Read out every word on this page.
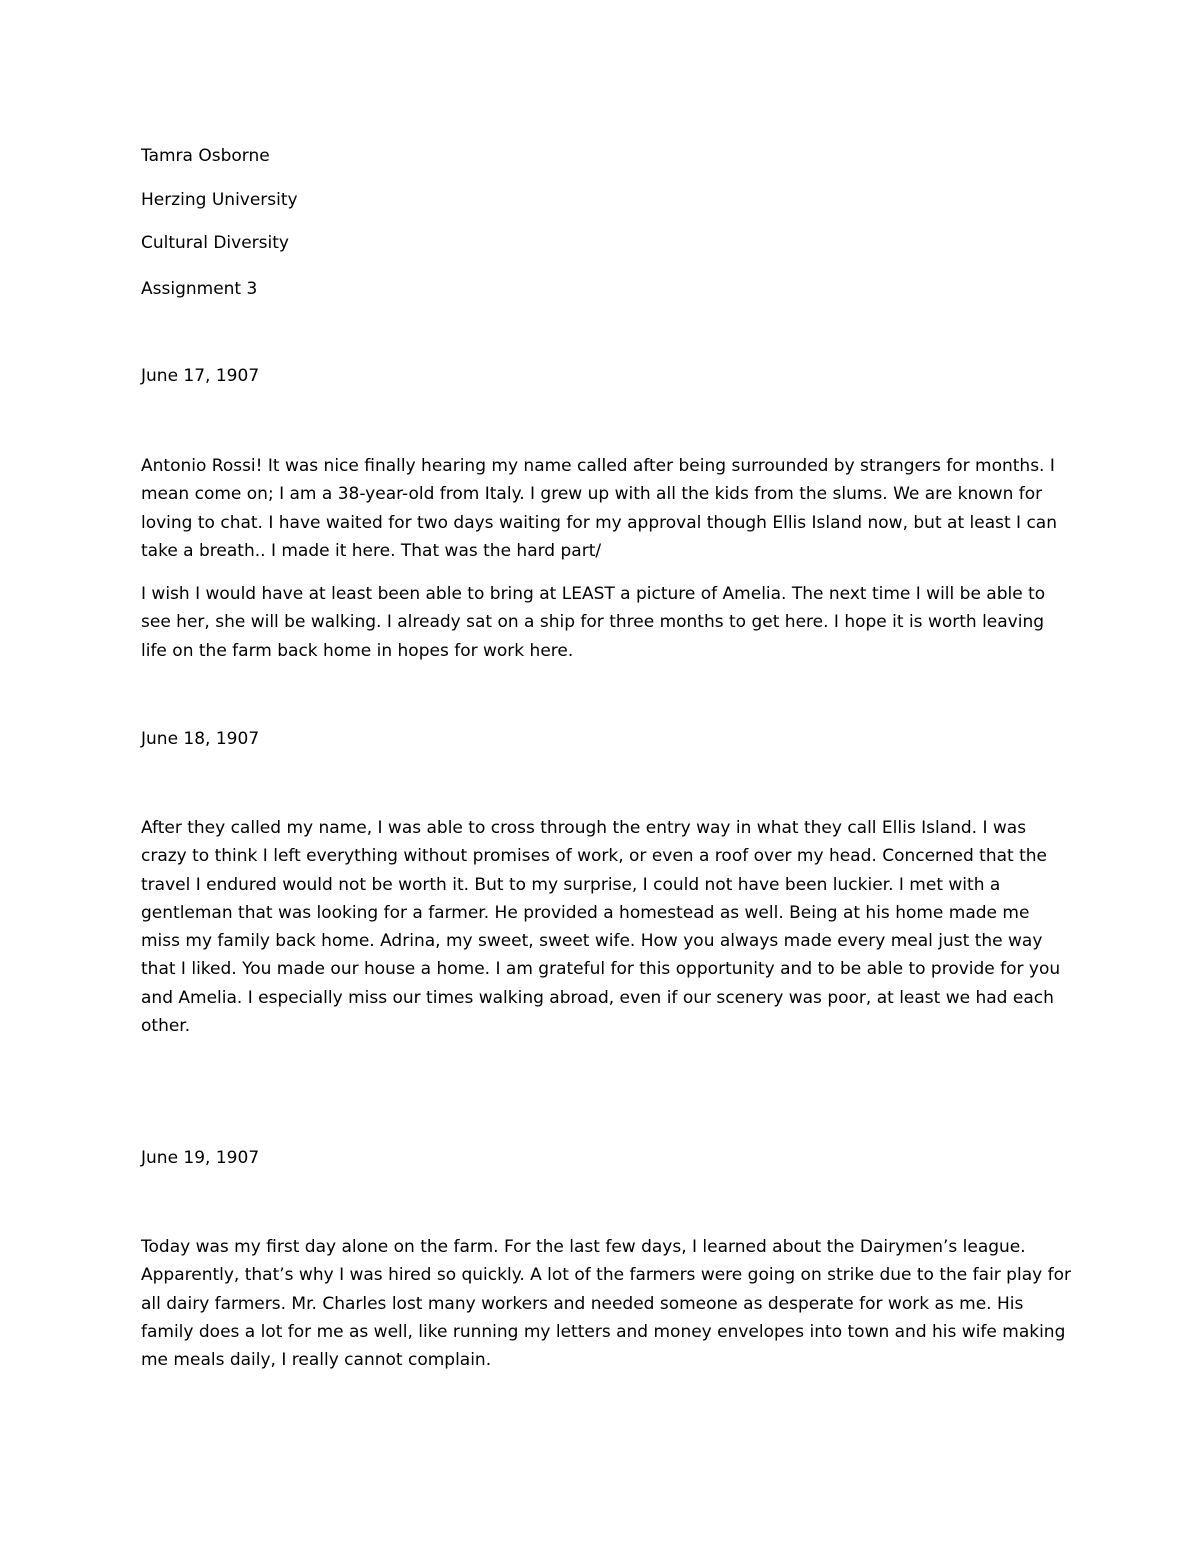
Tamra Osborne

Herzing University

Cultural Diversity

Assignment 3

June 17, 1907

Antonio Rossi! It was nice finally hearing my name called after being surrounded by strangers for months. I mean come on; I am a 38-year-old from Italy. I grew up with all the kids from the slums. We are known for loving to chat. I have waited for two days waiting for my approval though Ellis Island now, but at least I can take a breath.. I made it here. That was the hard part/

I wish I would have at least been able to bring at LEAST a picture of Amelia. The next time I will be able to see her, she will be walking. I already sat on a ship for three months to get here. I hope it is worth leaving life on the farm back home in hopes for work here.

June 18, 1907

After they called my name, I was able to cross through the entry way in what they call Ellis Island. I was crazy to think I left everything without promises of work, or even a roof over my head. Concerned that the travel I endured would not be worth it. But to my surprise, I could not have been luckier. I met with a gentleman that was looking for a farmer. He provided a homestead as well. Being at his home made me miss my family back home. Adrina, my sweet, sweet wife. How you always made every meal just the way that I liked. You made our house a home. I am grateful for this opportunity and to be able to provide for you and Amelia. I especially miss our times walking abroad, even if our scenery was poor, at least we had each other.

June 19, 1907

Today was my first day alone on the farm. For the last few days, I learned about the Dairymen’s league. Apparently, that’s why I was hired so quickly. A lot of the farmers were going on strike due to the fair play for all dairy farmers. Mr. Charles lost many workers and needed someone as desperate for work as me. His family does a lot for me as well, like running my letters and money envelopes into town and his wife making me meals daily, I really cannot complain.
